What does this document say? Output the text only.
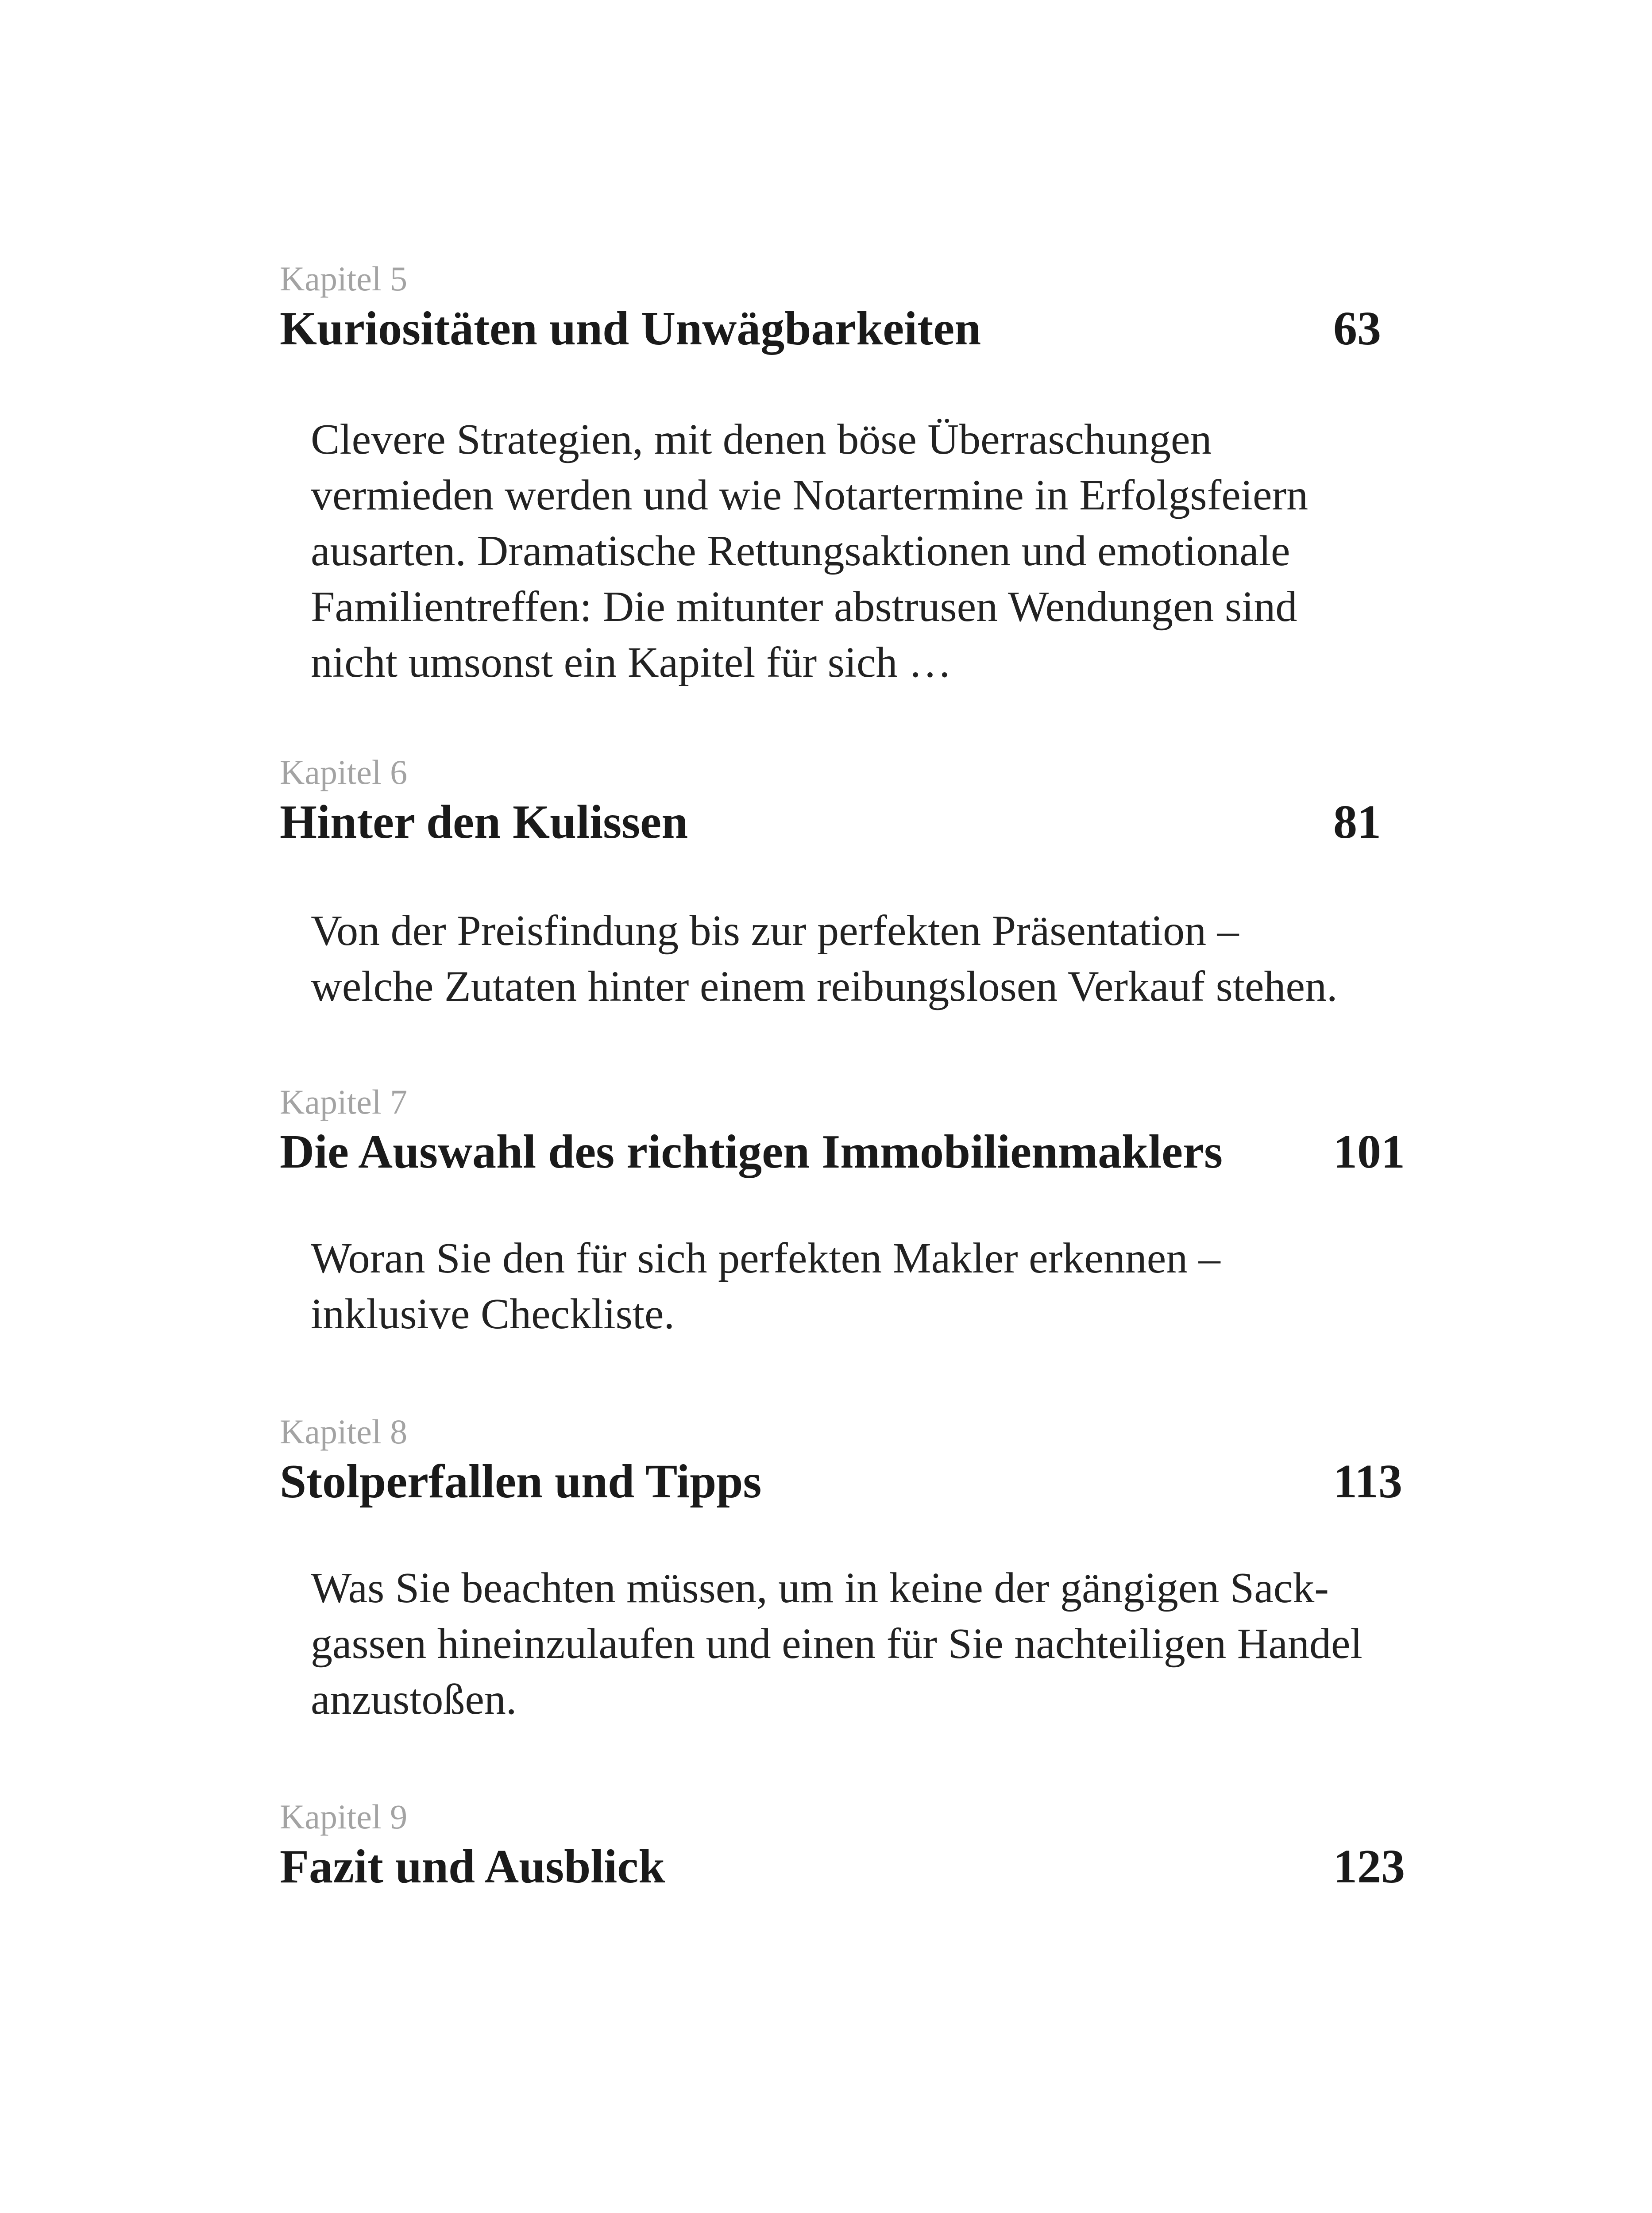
Kapitel 5
Kuriositäten und Unwägbarkeiten	63
Clevere Strategien, mit denen böse Überraschungen
vermieden werden und wie Notartermine in Erfolgsfeiern
ausarten. Dramatische Rettungsaktionen und emotionale
Familientreffen: Die mitunter abstrusen Wendungen sind
nicht umsonst ein Kapitel für sich …
Kapitel 6
Hinter den Kulissen	81
Von der Preisfindung bis zur perfekten Präsentation –
welche Zutaten hinter einem reibungslosen Verkauf stehen.
Kapitel 7
Die Auswahl des richtigen Immobilienmaklers 101
Woran Sie den für sich perfekten Makler erkennen –
inklusive Checkliste.
Kapitel 8
Stolperfallen und Tipps	113
Was Sie beachten müssen, um in keine der gängigen Sack-
gassen hineinzulaufen und einen für Sie nachteiligen Handel
anzustoßen.
Kapitel 9
Fazit und Ausblick	123
